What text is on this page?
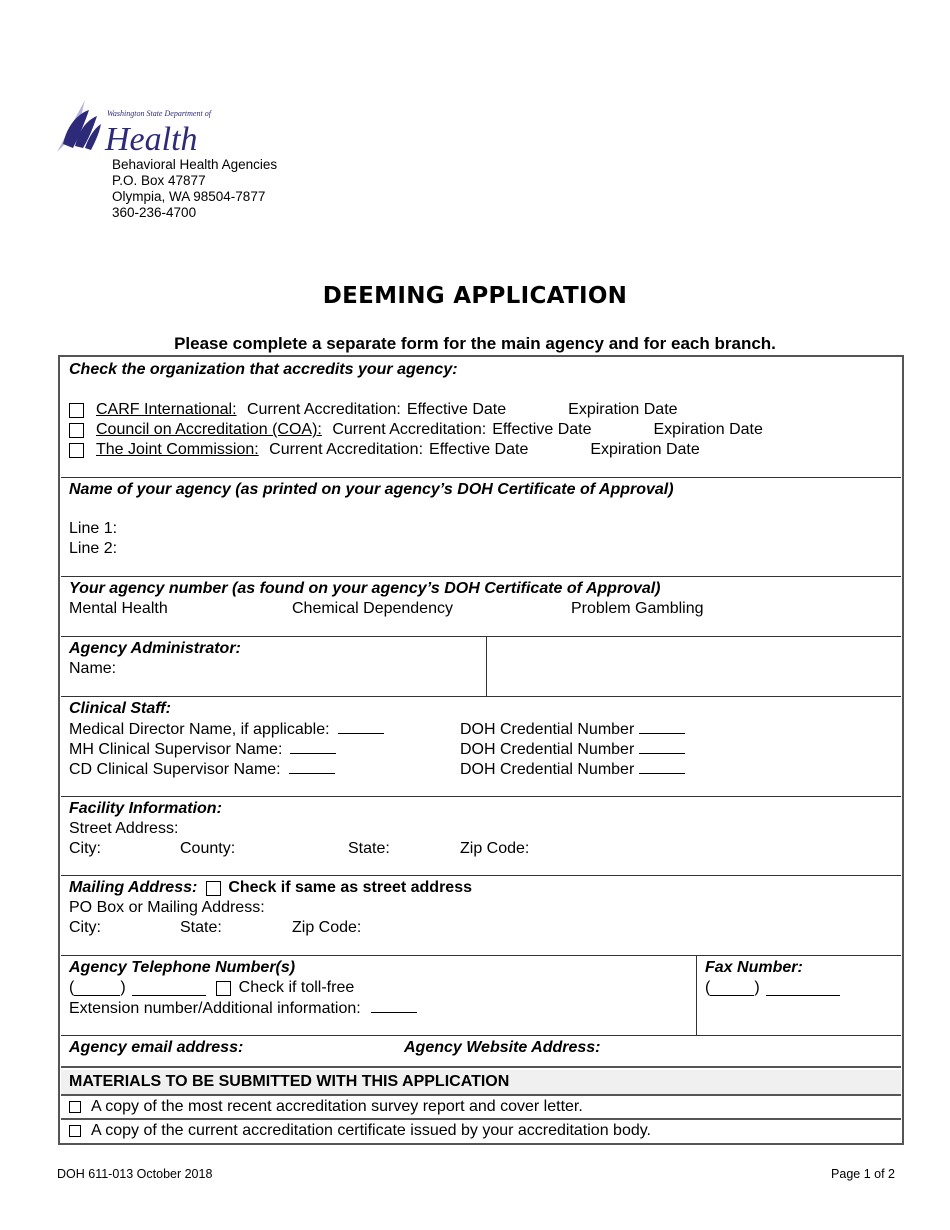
Washington State Department of
Health
Behavioral Health Agencies
P.O. Box 47877
Olympia, WA 98504-7877
360-236-4700
DEEMING APPLICATION
Please complete a separate form for the main agency and for each branch.
Check the organization that accredits your agency:
CARF International:
Current Accreditation: Effective Date	Expiration Date
Council on Accreditation (COA):
Current Accreditation: Effective Date	Expiration Date
The Joint Commission:
Current Accreditation: Effective Date	Expiration Date
Name of your agency (as printed on your agency’s DOH Certificate of Approval)
Line 1:
Line 2:
Your agency number (as found on your agency’s DOH Certificate of Approval)
Mental Health	Chemical Dependency	Problem Gambling
Agency Administrator:
Name:
Clinical Staff:
Medical Director Name, if applicable:	DOH Credential Number
MH Clinical Supervisor Name:	DOH Credential Number
CD Clinical Supervisor Name:	DOH Credential Number
Facility Information:
Street Address:
City:	County:	State:	Zip Code:
Mailing Address: Check if same as street address
PO Box or Mailing Address:
City:	State:	Zip Code:
Agency Telephone Number(s)
(	)	Check if toll-free
Extension number/Additional information:
Fax Number:
(	)
Agency email address:	Agency Website Address:
MATERIALS TO BE SUBMITTED WITH THIS APPLICATION
A copy of the most recent accreditation survey report and cover letter.
A copy of the current accreditation certificate issued by your accreditation body.
DOH 611-013 October 2018	Page 1 of 2
